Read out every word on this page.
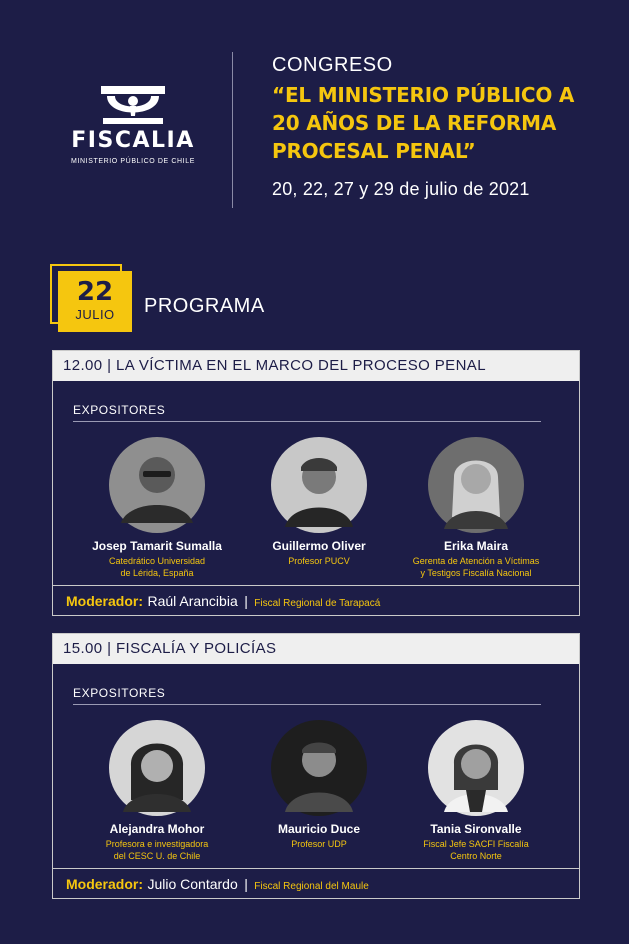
FISCALIA
MINISTERIO PÚBLICO DE CHILE
CONGRESO
“EL MINISTERIO PÚBLICO A
20 AÑOS DE LA REFORMA
PROCESAL PENAL”
20, 22, 27 y 29 de julio de 2021
22
JULIO	PROGRAMA
12.00 | LA VÍCTIMA EN EL MARCO DEL PROCESO PENAL
EXPOSITORES
Josep Tamarit Sumalla
Catedrático Universidad
de Lérida, España
Guillermo Oliver
Profesor PUCV
Erika Maira
Gerenta de Atención a Víctimas
y Testigos Fiscalía Nacional
Moderador: Raúl Arancibia | Fiscal Regional de Tarapacá
15.00 | FISCALÍA Y POLICÍAS
EXPOSITORES
Alejandra Mohor
Profesora e investigadora
del CESC U. de Chile
Mauricio Duce
Profesor UDP
Tania Sironvalle
Fiscal Jefe SACFI Fiscalía
Centro Norte
Moderador: Julio Contardo | Fiscal Regional del Maule
